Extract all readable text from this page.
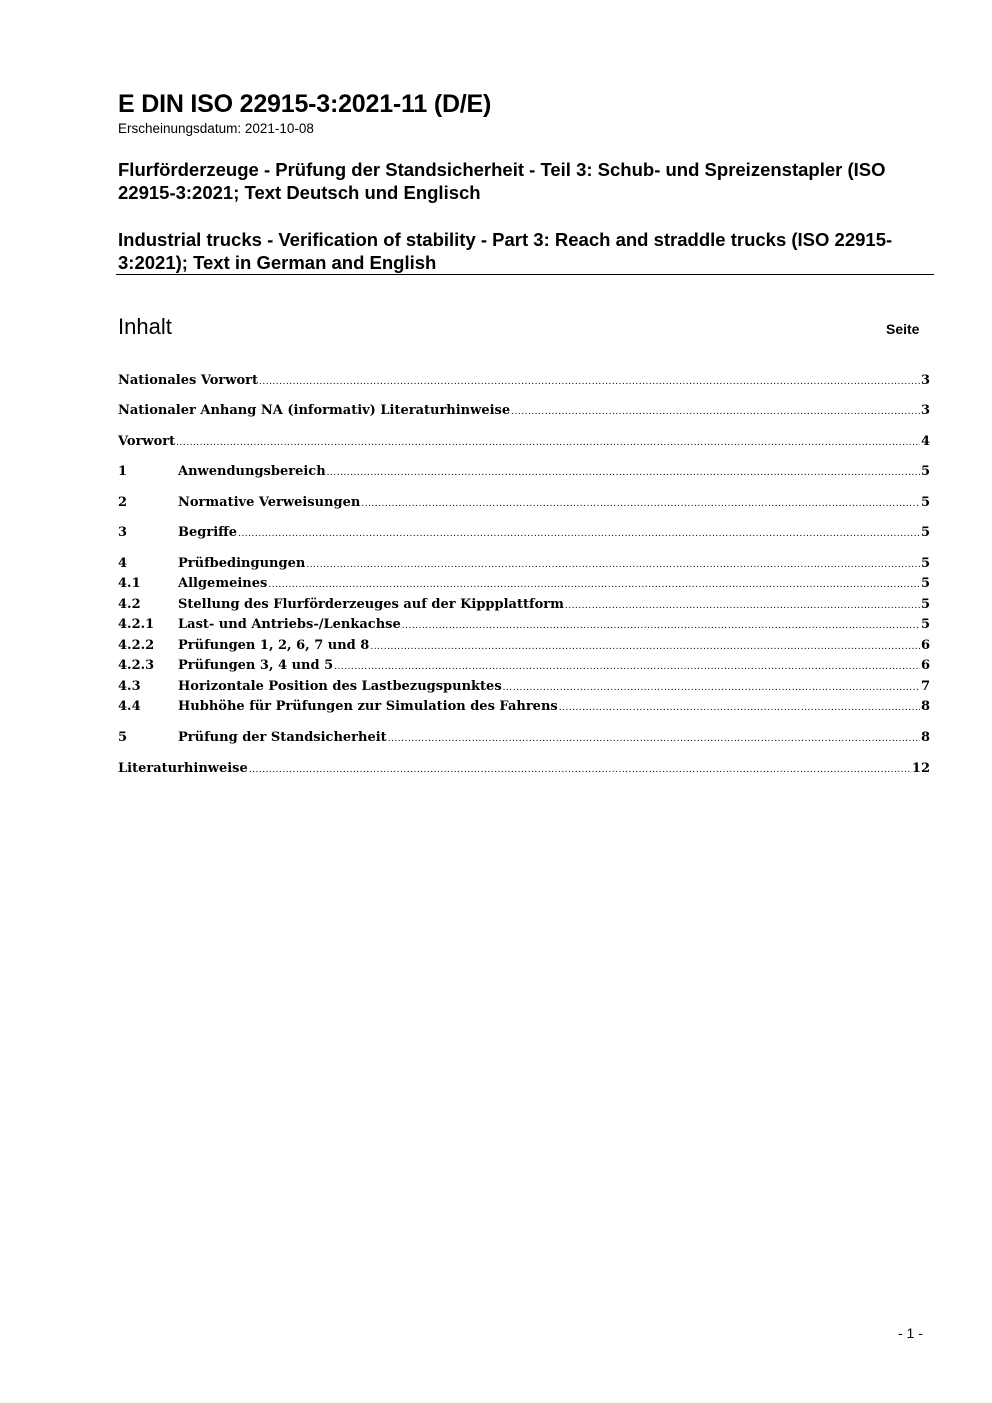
E DIN ISO 22915-3:2021-11 (D/E)
Erscheinungsdatum: 2021-10-08
Flurförderzeuge - Prüfung der Standsicherheit - Teil 3: Schub- und Spreizenstapler (ISO 22915-3:2021; Text Deutsch und Englisch
Industrial trucks - Verification of stability - Part 3: Reach and straddle trucks (ISO 22915-3:2021); Text in German and English
Inhalt	Seite
Nationales Vorwort .....	3
Nationaler Anhang NA (informativ) Literaturhinweise .....	3
Vorwort .....	4
1	Anwendungsbereich .....	5
2	Normative Verweisungen .....	5
3	Begriffe .....	5
4	Prüfbedingungen .....	5
4.1	Allgemeines .....	5
4.2	Stellung des Flurförderzeuges auf der Kippplattform .....	5
4.2.1	Last- und Antriebs-/Lenkachse .....	5
4.2.2	Prüfungen 1, 2, 6, 7 und 8 .....	6
4.2.3	Prüfungen 3, 4 und 5 .....	6
4.3	Horizontale Position des Lastbezugspunktes .....	7
4.4	Hubhöhe für Prüfungen zur Simulation des Fahrens .....	8
5	Prüfung der Standsicherheit .....	8
Literaturhinweise .....	12
- 1 -
